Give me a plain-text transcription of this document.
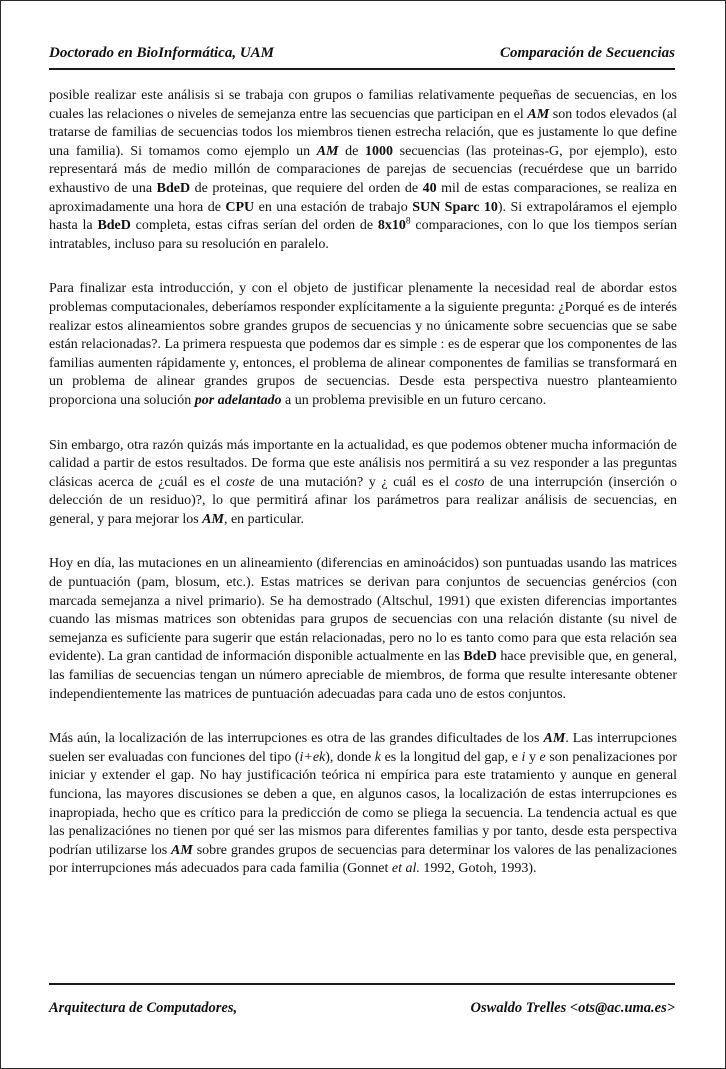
Doctorado en BioInformática, UAM	Comparación de Secuencias

posible realizar este análisis si se trabaja con grupos o familias relativamente pequeñas de secuencias, en los cuales las relaciones o niveles de semejanza entre las secuencias que participan en el AM son todos elevados (al tratarse de familias de secuencias todos los miembros tienen estrecha relación, que es justamente lo que define una familia). Si tomamos como ejemplo un AM de 1000 secuencias (las proteinas-G, por ejemplo), esto representará más de medio millón de comparaciones de parejas de secuencias (recuérdese que un barrido exhaustivo de una BdeD de proteinas, que requiere del orden de 40 mil de estas comparaciones, se realiza en aproximadamente una hora de CPU en una estación de trabajo SUN Sparc 10). Si extrapoláramos el ejemplo hasta la BdeD completa, estas cifras serían del orden de $8x10^8$ comparaciones, con lo que los tiempos serían intratables, incluso para su resolución en paralelo.

Para finalizar esta introducción, y con el objeto de justificar plenamente la necesidad real de abordar estos problemas computacionales, deberíamos responder explícitamente a la siguiente pregunta: ¿Porqué es de interés realizar estos alineamientos sobre grandes grupos de secuencias y no únicamente sobre secuencias que se sabe están relacionadas?. La primera respuesta que podemos dar es simple : es de esperar que los componentes de las familias aumenten rápidamente y, entonces, el problema de alinear componentes de familias se transformará en un problema de alinear grandes grupos de secuencias. Desde esta perspectiva nuestro planteamiento proporciona una solución por adelantado a un problema previsible en un futuro cercano.

Sin embargo, otra razón quizás más importante en la actualidad, es que podemos obtener mucha información de calidad a partir de estos resultados. De forma que este análisis nos permitirá a su vez responder a las preguntas clásicas acerca de ¿cuál es el coste de una mutación? y ¿ cuál es el costo de una interrupción (inserción o delección de un residuo)?, lo que permitirá afinar los parámetros para realizar análisis de secuencias, en general, y para mejorar los AM, en particular.

Hoy en día, las mutaciones en un alineamiento (diferencias en aminoácidos) son puntuadas usando las matrices de puntuación (pam, blosum, etc.). Estas matrices se derivan para conjuntos de secuencias genércios (con marcada semejanza a nivel primario). Se ha demostrado (Altschul, 1991) que existen diferencias importantes cuando las mismas matrices son obtenidas para grupos de secuencias con una relación distante (su nivel de semejanza es suficiente para sugerir que están relacionadas, pero no lo es tanto como para que esta relación sea evidente). La gran cantidad de información disponible actualmente en las BdeD hace previsible que, en general, las familias de secuencias tengan un número apreciable de miembros, de forma que resulte interesante obtener independientemente las matrices de puntuación adecuadas para cada uno de estos conjuntos.

Más aún, la localización de las interrupciones es otra de las grandes dificultades de los AM. Las interrupciones suelen ser evaluadas con funciones del tipo (i+ek), donde k es la longitud del gap, e i y e son penalizaciones por iniciar y extender el gap. No hay justificación teórica ni empírica para este tratamiento y aunque en general funciona, las mayores discusiones se deben a que, en algunos casos, la localización de estas interrupciones es inapropiada, hecho que es crítico para la predicción de como se pliega la secuencia. La tendencia actual es que las penalizaciónes no tienen por qué ser las mismos para diferentes familias y por tanto, desde esta perspectiva podrían utilizarse los AM sobre grandes grupos de secuencias para determinar los valores de las penalizaciones por interrupciones más adecuados para cada familia (Gonnet et al. 1992, Gotoh, 1993).

Arquitectura de Computadores,	Oswaldo Trelles <ots@ac.uma.es>
